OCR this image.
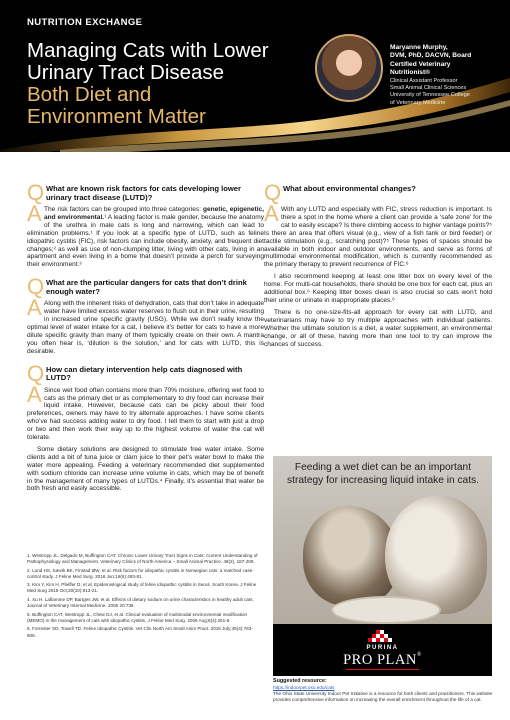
NUTRITION EXCHANGE
Managing Cats with Lower
Urinary Tract Disease
Both Diet and
Environment Matter
Maryanne Murphy,
DVM, PhD, DACVN, Board
Certified Veterinary
Nutritionist®
Clinical Assistant Professor
Small Animal Clinical Sciences
University of Tennessee College
of Veterinary Medicine
Q What are known risk factors for cats developing lower urinary tract disease (LUTD)?
A The risk factors can be grouped into three categories: genetic, epigenetic, and environmental.¹ A leading factor is male gender, because the anatomy of the urethra in male cats is long and narrowing, which can lead to elimination problems.¹ If you look at a specific type of LUTD, such as feline idiopathic cystitis (FIC), risk factors can include obesity, anxiety, and frequent diet changes;² as well as use of non-clumping litter, living with other cats, living in an apartment and even living in a home that doesn’t provide a perch for surveying their environment.³

Q What are the particular dangers for cats that don’t drink enough water?
A Along with the inherent risks of dehydration, cats that don’t take in adequate water have limited excess water reserves to flush out in their urine, resulting in increased urine specific gravity (USG). While we don’t really know the optimal level of water intake for a cat, I believe it’s better for cats to have a more dilute specific gravity than many of them typically create on their own. A mantra you often hear is, ‘dilution is the solution,’ and for cats with LUTD, this is desirable.

Q How can dietary intervention help cats diagnosed with LUTD?
A Since wet food often contains more than 70% moisture, offering wet food to cats as the primary diet or as complementary to dry food can increase their liquid intake. However, because cats can be picky about their food preferences, owners may have to try alternate approaches. I have some clients who’ve had success adding water to dry food. I tell them to start with just a drop or two and then work their way up to the highest volume of water the cat will tolerate.

Some dietary solutions are designed to stimulate free water intake. Some clients add a bit of tuna juice or clam juice to their pet’s water bowl to make the water more appealing. Feeding a veterinary recommended diet supplemented with sodium chloride can increase urine volume in cats, which may be of benefit in the management of many types of LUTDs.⁴ Finally, it’s essential that water be both fresh and easily accessible.

1. Westropp JL, Delgado M, Buffington CAT. Chronic Lower Urinary Tract Signs in Cats: Current Understanding of Pathophysiology and Management. Veterinary Clinics of North America – Small Animal Practice. 49(2), 187-209.
2. Lund HS, Sævik BK, Finstad ØW, et al. Risk factors for idiopathic cystitis in Norwegian cats: a matched case-control study. J Feline Med Surg. 2016 Jun;18(6):483-91.
3. Kim Y, Kim H, Pfeiffer D, et al. Epidemiological study of feline idiopathic cystitis in Seoul, South Korea. J Feline Med Surg 2018 Oct;20(10):913-21.
4. Xu H, Laflamme DP, Bartges JW, et al. Effects of dietary sodium on urine characteristics in healthy adult cats. Journal of Veterinary Internal Medicine. 2006 20:738.
5. Buffington CAT, Westropp JL, Chew DJ, et al. Clinical evaluation of multimodal environmental modification (MEMO) in the management of cats with idiopathic cystitis. J Feline Med Surg. 2006 Aug;8(4):261-8.
6. Forrester SD, Towell TD. Feline Idiopathic Cystitis. Vet Clin North Am Small Anim Pract. 2015 July;45(4):783-806.
Q What about environmental changes?
A With any LUTD and especially with FIC, stress reduction is important. Is there a spot in the home where a client can provide a ‘safe zone’ for the cat to easily escape? Is there climbing access to higher vantage points?⁵ Is there an area that offers visual (e.g., view of a fish tank or bird feeder) or tactile stimulation (e.g., scratching post)?⁵ These types of spaces should be available in both indoor and outdoor environments, and serve as forms of multimodal environmental modification, which is currently recommended as the primary therapy to prevent recurrence of FIC.⁶

I also recommend keeping at least one litter box on every level of the home. For multi-cat households, there should be one box for each cat, plus an additional box.⁶ Keeping litter boxes clean is also crucial so cats won’t hold their urine or urinate in inappropriate places.⁶

There is no one-size-fits-all approach for every cat with LUTD, and veterinarians may have to try multiple approaches with individual patients. Whether the ultimate solution is a diet, a water supplement, an environmental change, or all of these, having more than one tool to try can improve the chances of success.

Feeding a wet diet can be an important strategy for increasing liquid intake in cats.
PURINA
PRO PLAN®
Suggested resource:
https://indoorpet.osu.edu/cats
The Ohio State University Indoor Pet Initiative is a resource for both clients and practitioners. This website provides comprehensive information on increasing the overall enrichment throughout the life of a cat.
